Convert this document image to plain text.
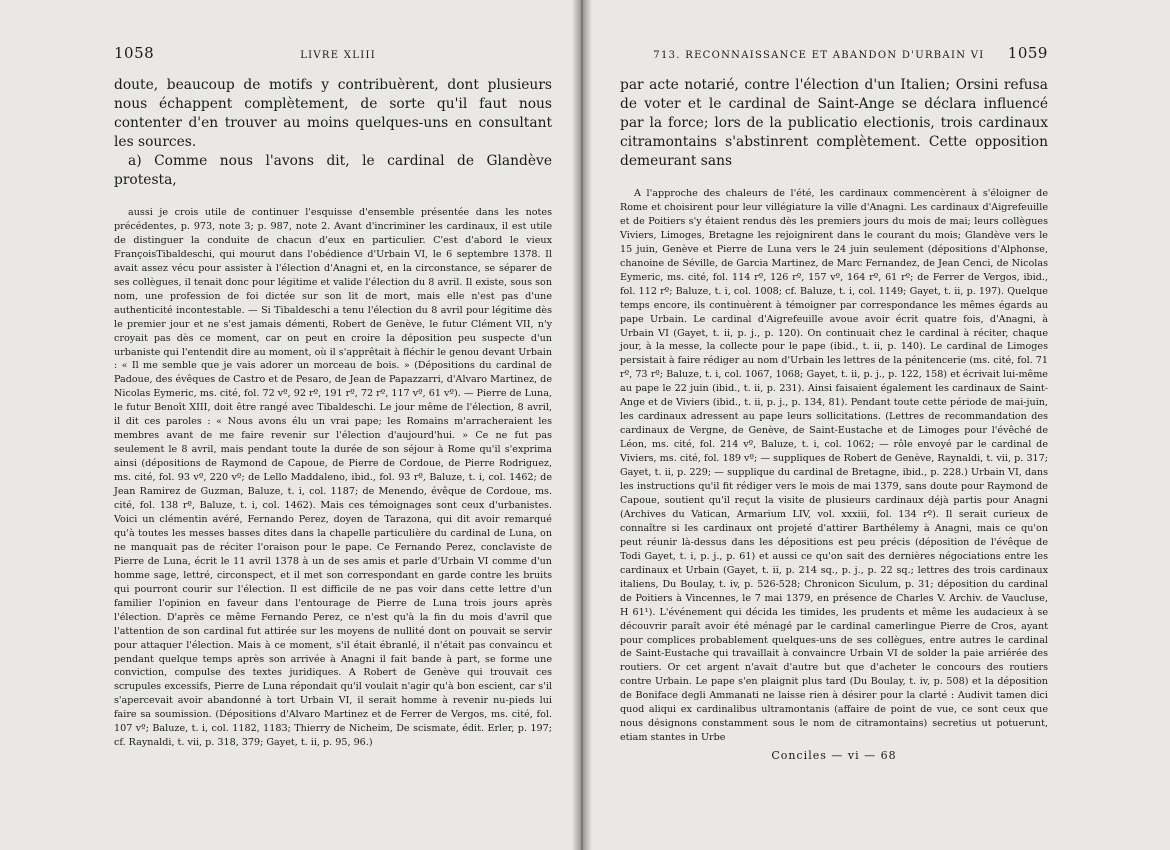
1058	LIVRE XLIII

doute, beaucoup de motifs y contribuèrent, dont plusieurs nous échappent complètement, de sorte qu'il faut nous contenter d'en trouver au moins quelques-uns en consultant les sources.

a) Comme nous l'avons dit, le cardinal de Glandève protesta,

aussi je crois utile de continuer l'esquisse d'ensemble présentée dans les notes précédentes, p. 973, note 3; p. 987, note 2. Avant d'incriminer les cardinaux, il est utile de distinguer la conduite de chacun d'eux en particulier. C'est d'abord le vieux FrançoisTibaldeschi, qui mourut dans l'obédience d'Urbain VI, le 6 septembre 1378. Il avait assez vécu pour assister à l'élection d'Anagni et, en la circonstance, se séparer de ses collègues, il tenait donc pour légitime et valide l'élection du 8 avril. Il existe, sous son nom, une profession de foi dictée sur son lit de mort, mais elle n'est pas d'une authenticité incontestable. — Si Tibaldeschi a tenu l'élection du 8 avril pour légitime dès le premier jour et ne s'est jamais démenti, Robert de Genève, le futur Clément VII, n'y croyait pas dès ce moment, car on peut en croire la déposition peu suspecte d'un urbaniste qui l'entendit dire au moment, où il s'apprêtait à fléchir le genou devant Urbain : « Il me semble que je vais adorer un morceau de bois. » (Dépositions du cardinal de Padoue, des évêques de Castro et de Pesaro, de Jean de Papazzarri, d'Alvaro Martinez, de Nicolas Eymeric, ms. cité, fol. 72 vº, 92 rº, 191 rº, 72 rº, 117 vº, 61 vº). — Pierre de Luna, le futur Benoît XIII, doit être rangé avec Tibaldeschi. Le jour même de l'élection, 8 avril, il dit ces paroles : « Nous avons élu un vrai pape; les Romains m'arracheraient les membres avant de me faire revenir sur l'élection d'aujourd'hui. » Ce ne fut pas seulement le 8 avril, mais pendant toute la durée de son séjour à Rome qu'il s'exprima ainsi (dépositions de Raymond de Capoue, de Pierre de Cordoue, de Pierre Rodriguez, ms. cité, fol. 93 vº, 220 vº; de Lello Maddaleno, ibid., fol. 93 rº, Baluze, t. i, col. 1462; de Jean Ramirez de Guzman, Baluze, t. i, col. 1187; de Menendo, évêque de Cordoue, ms. cité, fol. 138 rº, Baluze, t. i, col. 1462). Mais ces témoignages sont ceux d'urbanistes. Voici un clémentin avéré, Fernando Perez, doyen de Tarazona, qui dit avoir remarqué qu'à toutes les messes basses dites dans la chapelle particulière du cardinal de Luna, on ne manquait pas de réciter l'oraison pour le pape. Ce Fernando Perez, conclaviste de Pierre de Luna, écrit le 11 avril 1378 à un de ses amis et parle d'Urbain VI comme d'un homme sage, lettré, circonspect, et il met son correspondant en garde contre les bruits qui pourront courir sur l'élection. Il est difficile de ne pas voir dans cette lettre d'un familier l'opinion en faveur dans l'entourage de Pierre de Luna trois jours après l'élection. D'après ce même Fernando Perez, ce n'est qu'à la fin du mois d'avril que l'attention de son cardinal fut attirée sur les moyens de nullité dont on pouvait se servir pour attaquer l'élection. Mais à ce moment, s'il était ébranlé, il n'était pas convaincu et pendant quelque temps après son arrivée à Anagni il fait bande à part, se forme une conviction, compulse des textes juridiques. A Robert de Genève qui trouvait ces scrupules excessifs, Pierre de Luna répondait qu'il voulait n'agir qu'à bon escient, car s'il s'apercevait avoir abandonné à tort Urbain VI, il serait homme à revenir nu-pieds lui faire sa soumission. (Dépositions d'Alvaro Martinez et de Ferrer de Vergos, ms. cité, fol. 107 vº; Baluze, t. i, col. 1182, 1183; Thierry de Nicheim, De scismate, édit. Erler, p. 197; cf. Raynaldi, t. vii, p. 318, 379; Gayet, t. ii, p. 95, 96.)

713. RECONNAISSANCE ET ABANDON D'URBAIN VI 1059

par acte notarié, contre l'élection d'un Italien; Orsini refusa de voter et le cardinal de Saint-Ange se déclara influencé par la force; lors de la publicatio electionis, trois cardinaux citramontains s'abstinrent complètement. Cette opposition demeurant sans

A l'approche des chaleurs de l'été, les cardinaux commencèrent à s'éloigner de Rome et choisirent pour leur villégiature la ville d'Anagni. Les cardinaux d'Aigrefeuille et de Poitiers s'y étaient rendus dès les premiers jours du mois de mai; leurs collègues Viviers, Limoges, Bretagne les rejoignirent dans le courant du mois; Glandève vers le 15 juin, Genève et Pierre de Luna vers le 24 juin seulement (dépositions d'Alphonse, chanoine de Séville, de Garcia Martinez, de Marc Fernandez, de Jean Cenci, de Nicolas Eymeric, ms. cité, fol. 114 rº, 126 rº, 157 vº, 164 rº, 61 rº; de Ferrer de Vergos, ibid., fol. 112 rº; Baluze, t. i, col. 1008; cf. Baluze, t. i, col. 1149; Gayet, t. ii, p. 197). Quelque temps encore, ils continuèrent à témoigner par correspondance les mêmes égards au pape Urbain. Le cardinal d'Aigrefeuille avoue avoir écrit quatre fois, d'Anagni, à Urbain VI (Gayet, t. ii, p. j., p. 120). On continuait chez le cardinal à réciter, chaque jour, à la messe, la collecte pour le pape (ibid., t. ii, p. 140). Le cardinal de Limoges persistait à faire rédiger au nom d'Urbain les lettres de la pénitencerie (ms. cité, fol. 71 rº, 73 rº; Baluze, t. i, col. 1067, 1068; Gayet, t. ii, p. j., p. 122, 158) et écrivait lui-même au pape le 22 juin (ibid., t. ii, p. 231). Ainsi faisaient également les cardinaux de Saint-Ange et de Viviers (ibid., t. ii, p. j., p. 134, 81). Pendant toute cette période de mai-juin, les cardinaux adressent au pape leurs sollicitations. (Lettres de recommandation des cardinaux de Vergne, de Genève, de Saint-Eustache et de Limoges pour l'évêché de Léon, ms. cité, fol. 214 vº, Baluze, t. i, col. 1062; — rôle envoyé par le cardinal de Viviers, ms. cité, fol. 189 vº; — suppliques de Robert de Genève, Raynaldi, t. vii, p. 317; Gayet, t. ii, p. 229; — supplique du cardinal de Bretagne, ibid., p. 228.) Urbain VI, dans les instructions qu'il fit rédiger vers le mois de mai 1379, sans doute pour Raymond de Capoue, soutient qu'il reçut la visite de plusieurs cardinaux déjà partis pour Anagni (Archives du Vatican, Armarium LIV, vol. xxxiii, fol. 134 rº). Il serait curieux de connaître si les cardinaux ont projeté d'attirer Barthélemy à Anagni, mais ce qu'on peut réunir là-dessus dans les dépositions est peu précis (déposition de l'évêque de Todi Gayet, t. i, p. j., p. 61) et aussi ce qu'on sait des dernières négociations entre les cardinaux et Urbain (Gayet, t. ii, p. 214 sq., p. j., p. 22 sq.; lettres des trois cardinaux italiens, Du Boulay, t. iv, p. 526-528; Chronicon Siculum, p. 31; déposition du cardinal de Poitiers à Vincennes, le 7 mai 1379, en présence de Charles V. Archiv. de Vaucluse, H 61¹). L'événement qui décida les timides, les prudents et même les audacieux à se découvrir paraît avoir été ménagé par le cardinal camerlingue Pierre de Cros, ayant pour complices probablement quelques-uns de ses collègues, entre autres le cardinal de Saint-Eustache qui travaillait à convaincre Urbain VI de solder la paie arriérée des routiers. Or cet argent n'avait d'autre but que d'acheter le concours des routiers contre Urbain. Le pape s'en plaignit plus tard (Du Boulay, t. iv, p. 508) et la déposition de Boniface degli Ammanati ne laisse rien à désirer pour la clarté : Audivit tamen dici quod aliqui ex cardinalibus ultramontanis (affaire de point de vue, ce sont ceux que nous désignons constamment sous le nom de citramontains) secretius ut potuerunt, etiam stantes in Urbe

Conciles — vi — 68
